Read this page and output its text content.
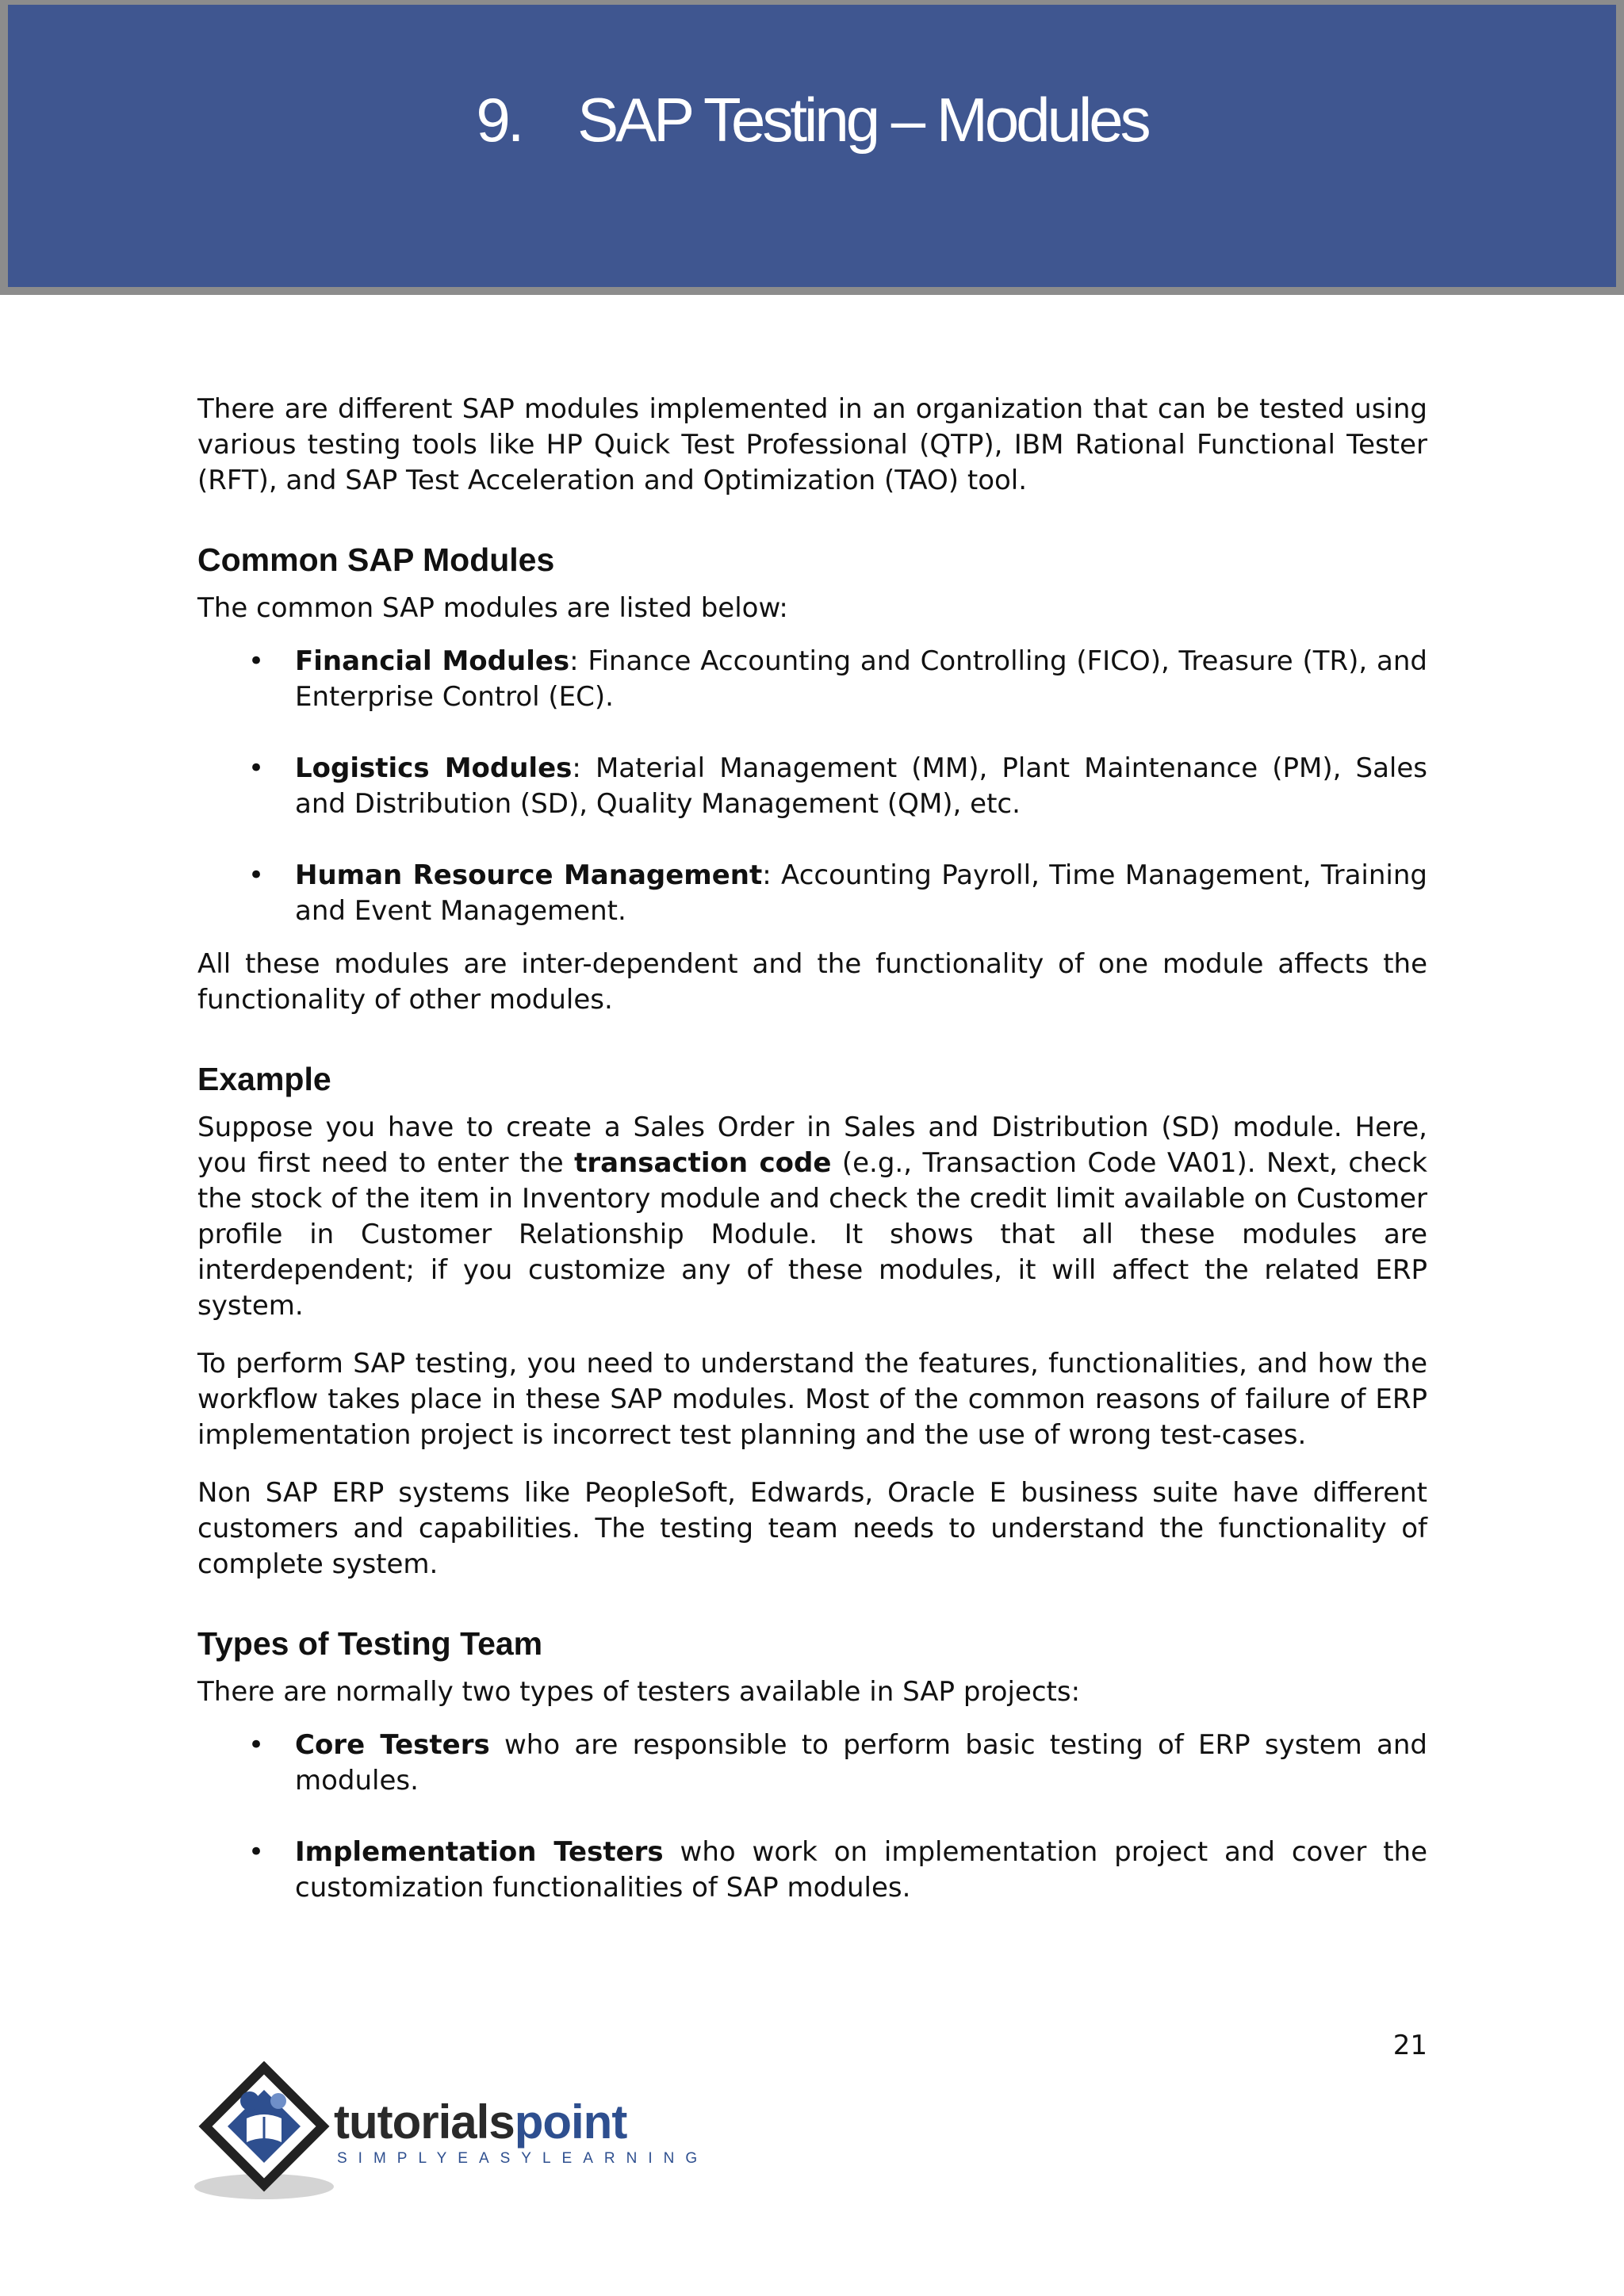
9. SAP Testing – Modules

There are different SAP modules implemented in an organization that can be tested using various testing tools like HP Quick Test Professional (QTP), IBM Rational Functional Tester (RFT), and SAP Test Acceleration and Optimization (TAO) tool.

Common SAP Modules

The common SAP modules are listed below:

• Financial Modules: Finance Accounting and Controlling (FICO), Treasure (TR), and Enterprise Control (EC).
• Logistics Modules: Material Management (MM), Plant Maintenance (PM), Sales and Distribution (SD), Quality Management (QM), etc.
• Human Resource Management: Accounting Payroll, Time Management, Training and Event Management.

All these modules are inter-dependent and the functionality of one module affects the functionality of other modules.

Example

Suppose you have to create a Sales Order in Sales and Distribution (SD) module. Here, you first need to enter the transaction code (e.g., Transaction Code VA01). Next, check the stock of the item in Inventory module and check the credit limit available on Customer profile in Customer Relationship Module. It shows that all these modules are interdependent; if you customize any of these modules, it will affect the related ERP system.

To perform SAP testing, you need to understand the features, functionalities, and how the workflow takes place in these SAP modules. Most of the common reasons of failure of ERP implementation project is incorrect test planning and the use of wrong test-cases.

Non SAP ERP systems like PeopleSoft, Edwards, Oracle E business suite have different customers and capabilities. The testing team needs to understand the functionality of complete system.

Types of Testing Team

There are normally two types of testers available in SAP projects:

• Core Testers who are responsible to perform basic testing of ERP system and modules.
• Implementation Testers who work on implementation project and cover the customization functionalities of SAP modules.
21
tutorialspoint
SIMPLYEASYLEARNING
